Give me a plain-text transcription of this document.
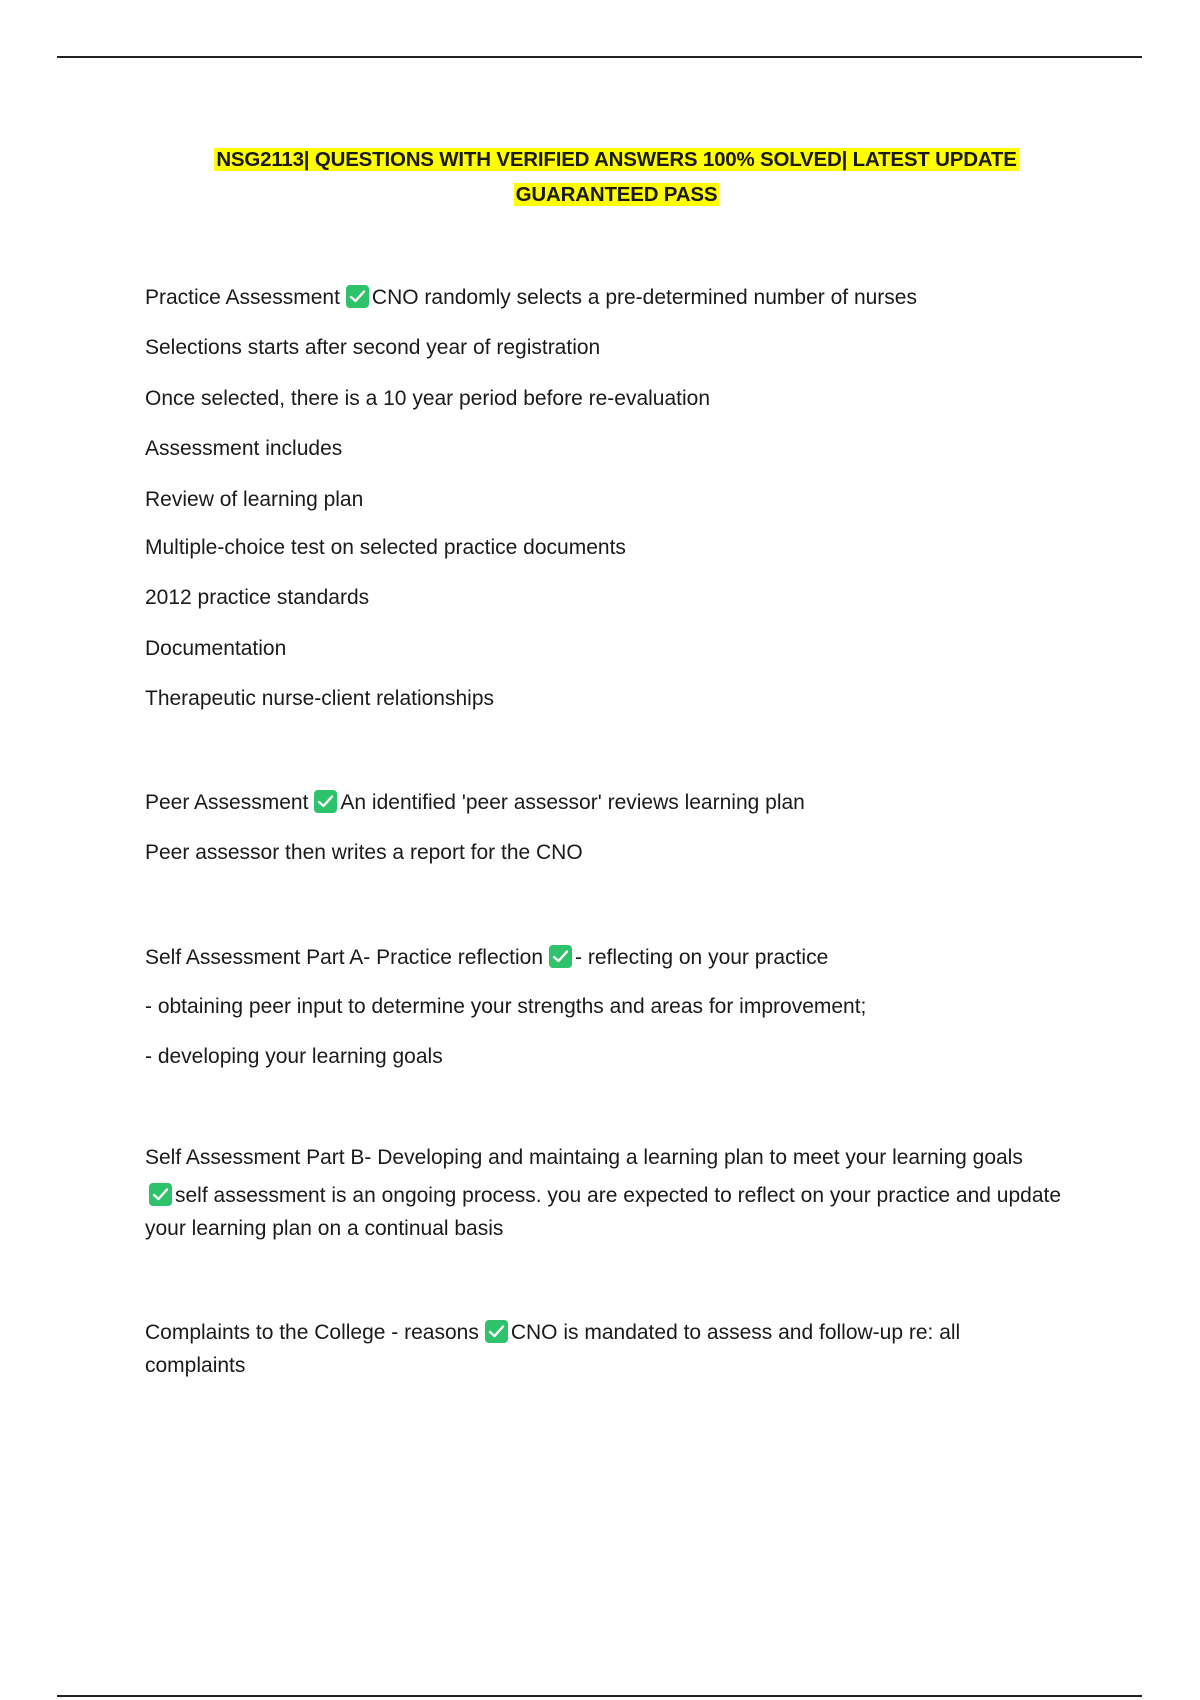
NSG2113| QUESTIONS WITH VERIFIED ANSWERS 100% SOLVED| LATEST UPDATE
GUARANTEED PASS
Practice Assessment CNO randomly selects a pre-determined number of nurses
Selections starts after second year of registration
Once selected, there is a 10 year period before re-evaluation
Assessment includes
Review of learning plan
Multiple-choice test on selected practice documents
2012 practice standards
Documentation
Therapeutic nurse-client relationships
Peer Assessment An identified 'peer assessor' reviews learning plan
Peer assessor then writes a report for the CNO
Self Assessment Part A- Practice reflection - reflecting on your practice
- obtaining peer input to determine your strengths and areas for improvement;
- developing your learning goals
Self Assessment Part B- Developing and maintaing a learning plan to meet your learning goals
self assessment is an ongoing process. you are expected to reflect on your practice and update your learning plan on a continual basis
Complaints to the College - reasons CNO is mandated to assess and follow-up re: all complaints
